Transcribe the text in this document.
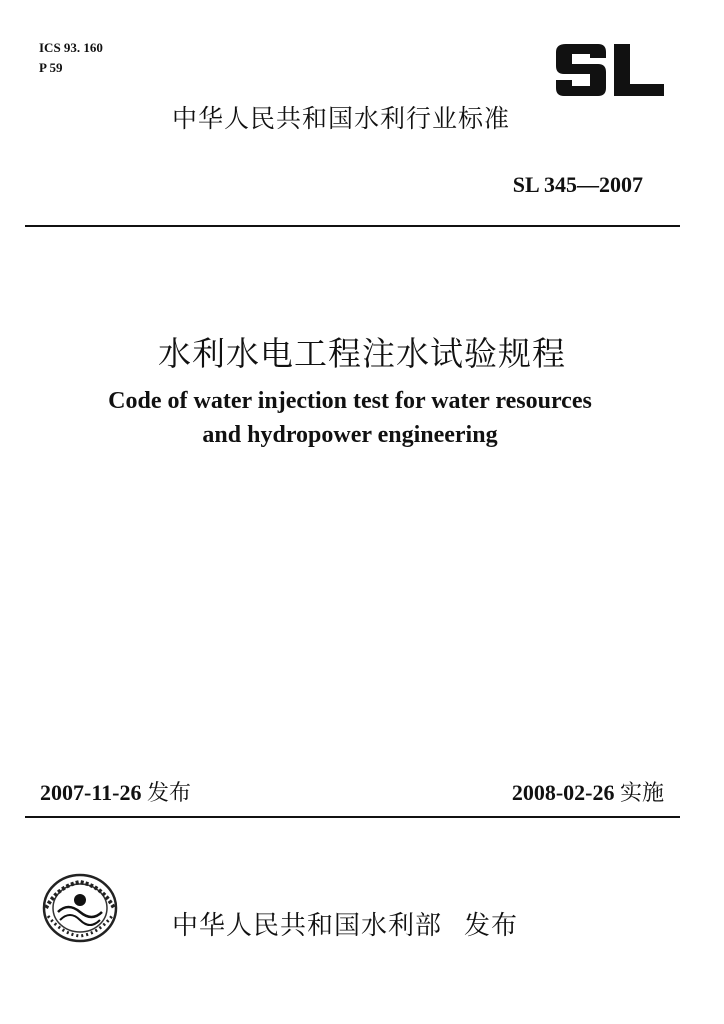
ICS 93. 160
P 59
中华人民共和国水利行业标准
SL 345—2007
水利水电工程注水试验规程
Code of water injection test for water resources
and hydropower engineering
2007-11-26 发布	2008-02-26 实施
中华人民共和国水利部 发布
